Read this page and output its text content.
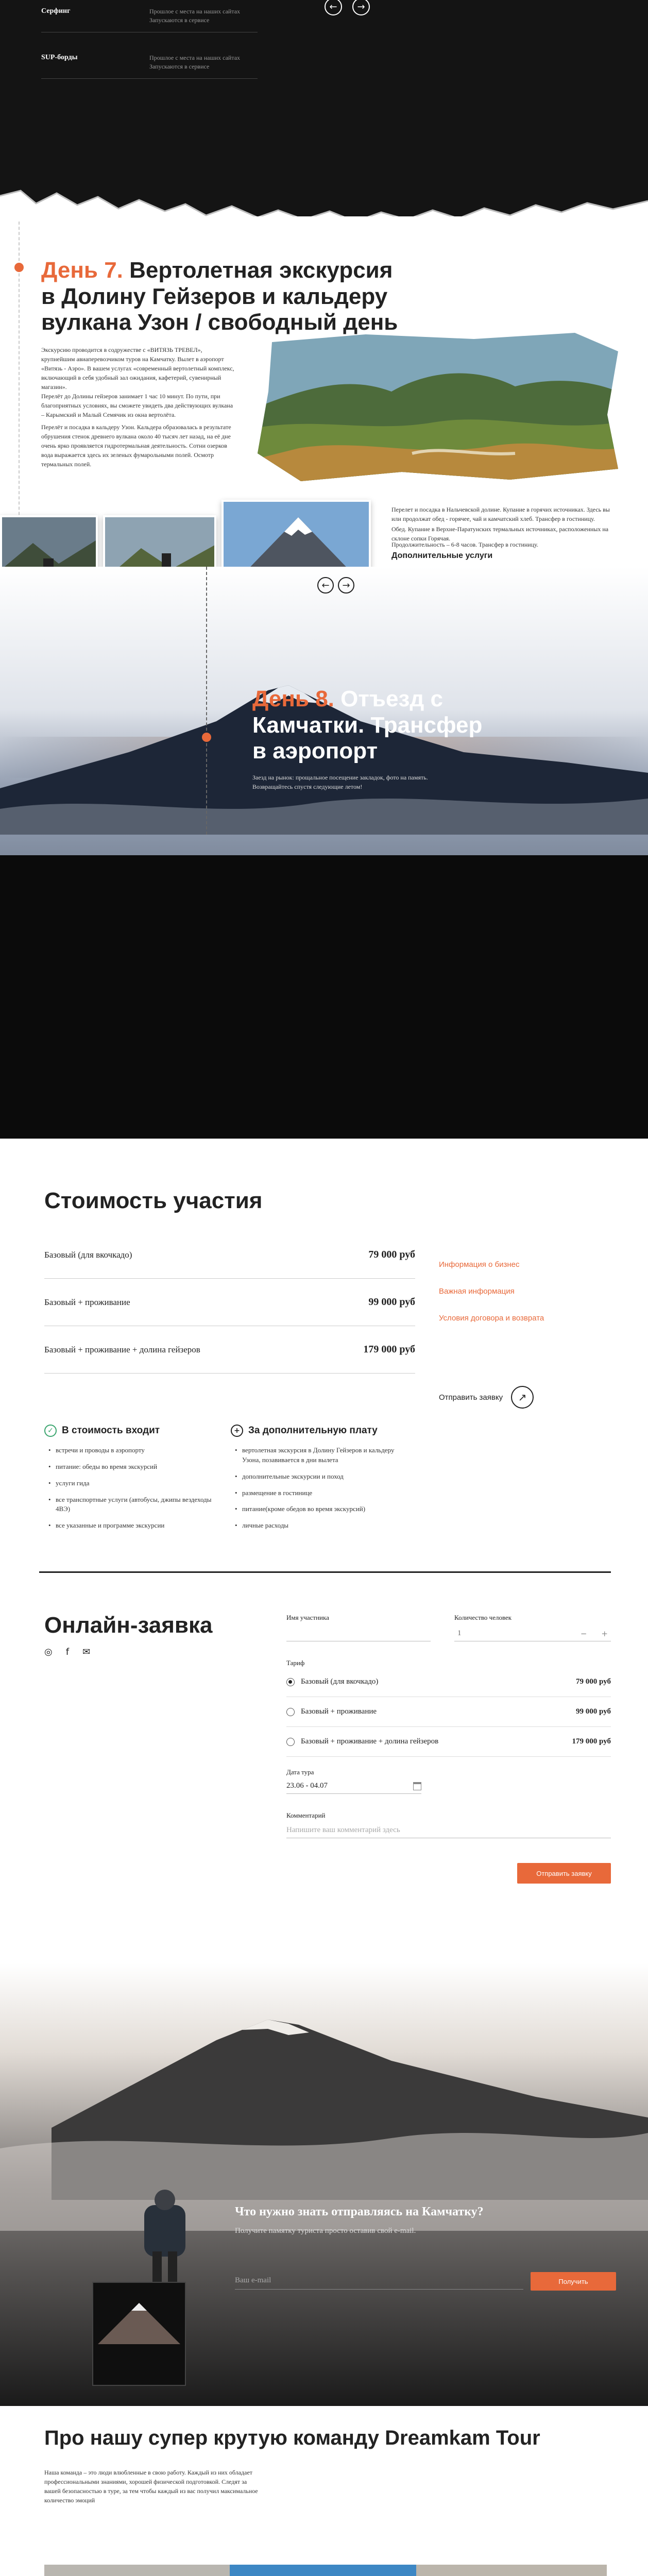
Серфинг	Прошлое с места на наших сайтах
Запускаются в сервисе
SUP-борды	Прошлое с места на наших сайтах
Запускаются в сервисе
← →
День 7. Вертолетная экскурсия в Долину Гейзеров и кальдеру вулкана Узон / свободный день
Экскурсию проводится в содружестве с «ВИТЯЗЬ ТРЕВЕЛ», крупнейшим авиаперевозчиком туров на Камчатку. Вылет в аэропорт «Витязь - Аэро». В вашем услугах «современный вертолетный комплекс, включающий в себя удобный зал ожидания, кафетерий, сувенирный магазин».
Перелёт до Долины гейзеров занимает 1 час 10 минут. По пути, при благоприятных условиях, вы сможете увидеть два действующих вулкана – Карымский и Малый Семячик из окна вертолёта.
Перелёт и посадка в кальдеру Узон. Кальдера образовалась в результате обрушения стенок древнего вулкана около 40 тысяч лет назад, на её дне очень ярко проявляется гидротермальная деятельность. Сотни озерков вода выражается здесь их зеленых фумарольными полей. Осмотр термальных полей.
Перелет и посадка в Нальчевской долине. Купание в горячих источниках. Здесь вы или продолжат обед - горячее, чай и камчатский хлеб. Трансфер в гостиницу.
Обед. Купание в Верхне-Паратунских термальных источниках, расположенных на склоне сопки Горячая.
Продолжительность – 6-8 часов. Трансфер в гостиницу.
Дополнительные услуги
День 8. Отъезд с Камчатки. Трансфер в аэропорт
Заезд на рынок: прощальное посещение закладок, фото на память. Возвращайтесь спустя следующие летом!
← →
Стоимость участия
Базовый (для вкочкадо)	79 000 руб
Базовый + проживание	99 000 руб
Базовый + проживание + долина гейзеров	179 000 руб
Информация о бизнес
Важная информация
Условия договора и возврата
Отправить заявку	↗
✓ В стоимость входит
• встречи и проводы в аэропорту
• питание: обеды во время экскурсий
• услуги гида
• все транспортные услуги (автобусы, джипы вездеходы 4ВЭ)
• все указанные и программе экскурсии
+ За дополнительную плату
• вертолетная экскурсия в Долину Гейзеров и кальдеру Узона, позавивается в дни вылета
• дополнительные экскурсии и поход
• размещение в гостинице
• питание(кроме обедов во время экскурсий)
• личные расходы
Онлайн-заявка
◎ f ✉
Имя участника	Количество человек
1	− +
Тариф
Базовый (для вкочкадо)	79 000 руб
Базовый + проживание	99 000 руб
Базовый + проживание + долина гейзеров	179 000 руб
Дата тура
23.06 - 04.07
Комментарий
Напишите ваш комментарий здесь
Отправить заявку
Что нужно знать отправляясь на Камчатку?
Получите памятку туриста просто оставив свой e-mail.
Ваш e-mail	Получить
Про нашу супер крутую команду Dreamkam Tour
Наша команда – это люди влюбленные в свою работу. Каждый из них обладает профессиональными знаниями, хорошей физической подготовкой. Следят за вашей безопасностью в туре, за тем чтобы каждый из вас получил максимальное количество эмоций
